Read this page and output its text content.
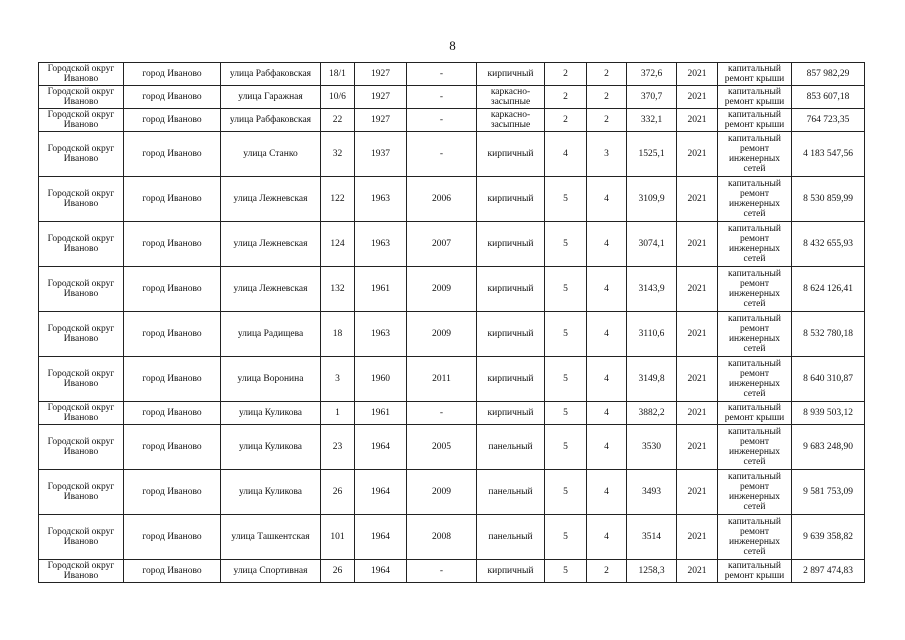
8
Городской округ Иваново	город Иваново	улица Рабфаковская	18/1	1927	-	кирпичный	2	2	372,6	2021	капитальный ремонт крыши	857 982,29
Городской округ Иваново	город Иваново	улица Гаражная	10/6	1927	-	каркасно-засыпные	2	2	370,7	2021	капитальный ремонт крыши	853 607,18
Городской округ Иваново	город Иваново	улица Рабфаковская	22	1927	-	каркасно-засыпные	2	2	332,1	2021	капитальный ремонт крыши	764 723,35
Городской округ Иваново	город Иваново	улица Станко	32	1937	-	кирпичный	4	3	1525,1	2021	капитальный ремонт инженерных сетей	4 183 547,56
Городской округ Иваново	город Иваново	улица Лежневская	122	1963	2006	кирпичный	5	4	3109,9	2021	капитальный ремонт инженерных сетей	8 530 859,99
Городской округ Иваново	город Иваново	улица Лежневская	124	1963	2007	кирпичный	5	4	3074,1	2021	капитальный ремонт инженерных сетей	8 432 655,93
Городской округ Иваново	город Иваново	улица Лежневская	132	1961	2009	кирпичный	5	4	3143,9	2021	капитальный ремонт инженерных сетей	8 624 126,41
Городской округ Иваново	город Иваново	улица Радищева	18	1963	2009	кирпичный	5	4	3110,6	2021	капитальный ремонт инженерных сетей	8 532 780,18
Городской округ Иваново	город Иваново	улица Воронина	3	1960	2011	кирпичный	5	4	3149,8	2021	капитальный ремонт инженерных сетей	8 640 310,87
Городской округ Иваново	город Иваново	улица Куликова	1	1961	-	кирпичный	5	4	3882,2	2021	капитальный ремонт крыши	8 939 503,12
Городской округ Иваново	город Иваново	улица Куликова	23	1964	2005	панельный	5	4	3530	2021	капитальный ремонт инженерных сетей	9 683 248,90
Городской округ Иваново	город Иваново	улица Куликова	26	1964	2009	панельный	5	4	3493	2021	капитальный ремонт инженерных сетей	9 581 753,09
Городской округ Иваново	город Иваново	улица Ташкентская	101	1964	2008	панельный	5	4	3514	2021	капитальный ремонт инженерных сетей	9 639 358,82
Городской округ Иваново	город Иваново	улица Спортивная	26	1964	-	кирпичный	5	2	1258,3	2021	капитальный ремонт крыши	2 897 474,83
